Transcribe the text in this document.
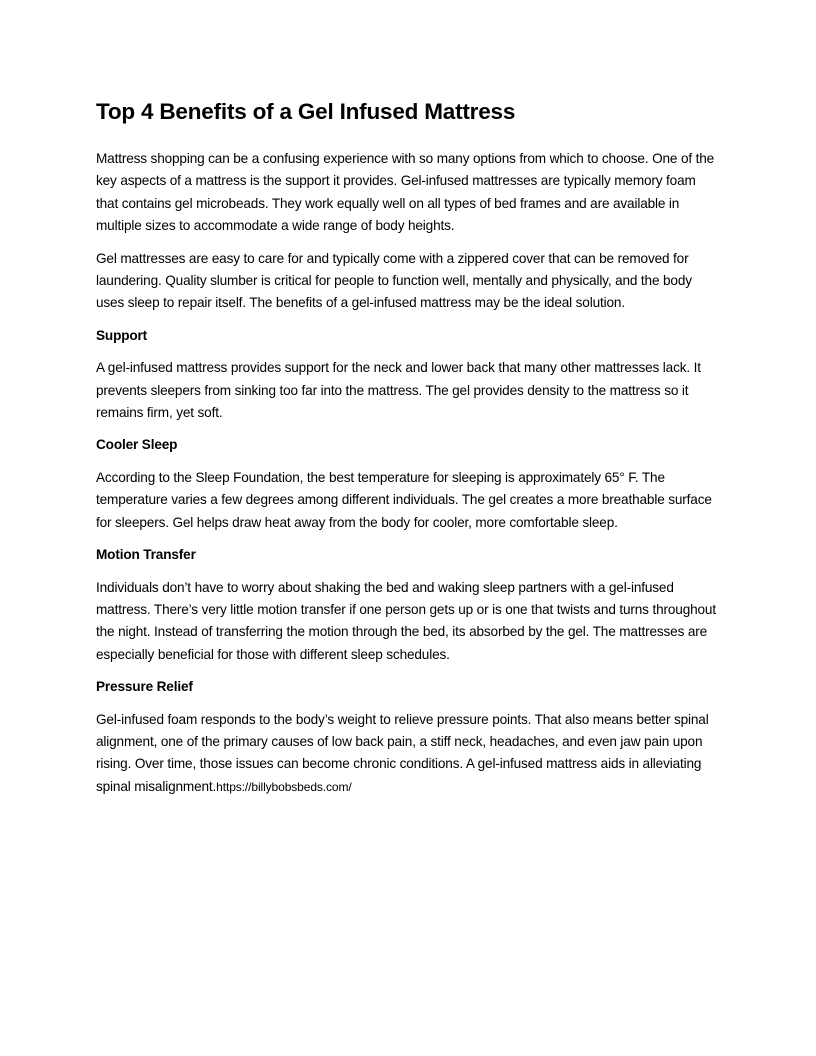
Top 4 Benefits of a Gel Infused Mattress

Mattress shopping can be a confusing experience with so many options from which to choose. One of the key aspects of a mattress is the support it provides. Gel-infused mattresses are typically memory foam that contains gel microbeads. They work equally well on all types of bed frames and are available in multiple sizes to accommodate a wide range of body heights.

Gel mattresses are easy to care for and typically come with a zippered cover that can be removed for laundering. Quality slumber is critical for people to function well, mentally and physically, and the body uses sleep to repair itself. The benefits of a gel-infused mattress may be the ideal solution.

Support

A gel-infused mattress provides support for the neck and lower back that many other mattresses lack. It prevents sleepers from sinking too far into the mattress. The gel provides density to the mattress so it remains firm, yet soft.

Cooler Sleep

According to the Sleep Foundation, the best temperature for sleeping is approximately 65° F. The temperature varies a few degrees among different individuals. The gel creates a more breathable surface for sleepers. Gel helps draw heat away from the body for cooler, more comfortable sleep.

Motion Transfer

Individuals don’t have to worry about shaking the bed and waking sleep partners with a gel-infused mattress. There’s very little motion transfer if one person gets up or is one that twists and turns throughout the night. Instead of transferring the motion through the bed, its absorbed by the gel. The mattresses are especially beneficial for those with different sleep schedules.

Pressure Relief

Gel-infused foam responds to the body’s weight to relieve pressure points. That also means better spinal alignment, one of the primary causes of low back pain, a stiff neck, headaches, and even jaw pain upon rising. Over time, those issues can become chronic conditions. A gel-infused mattress aids in alleviating spinal misalignment.https://billybobsbeds.com/
